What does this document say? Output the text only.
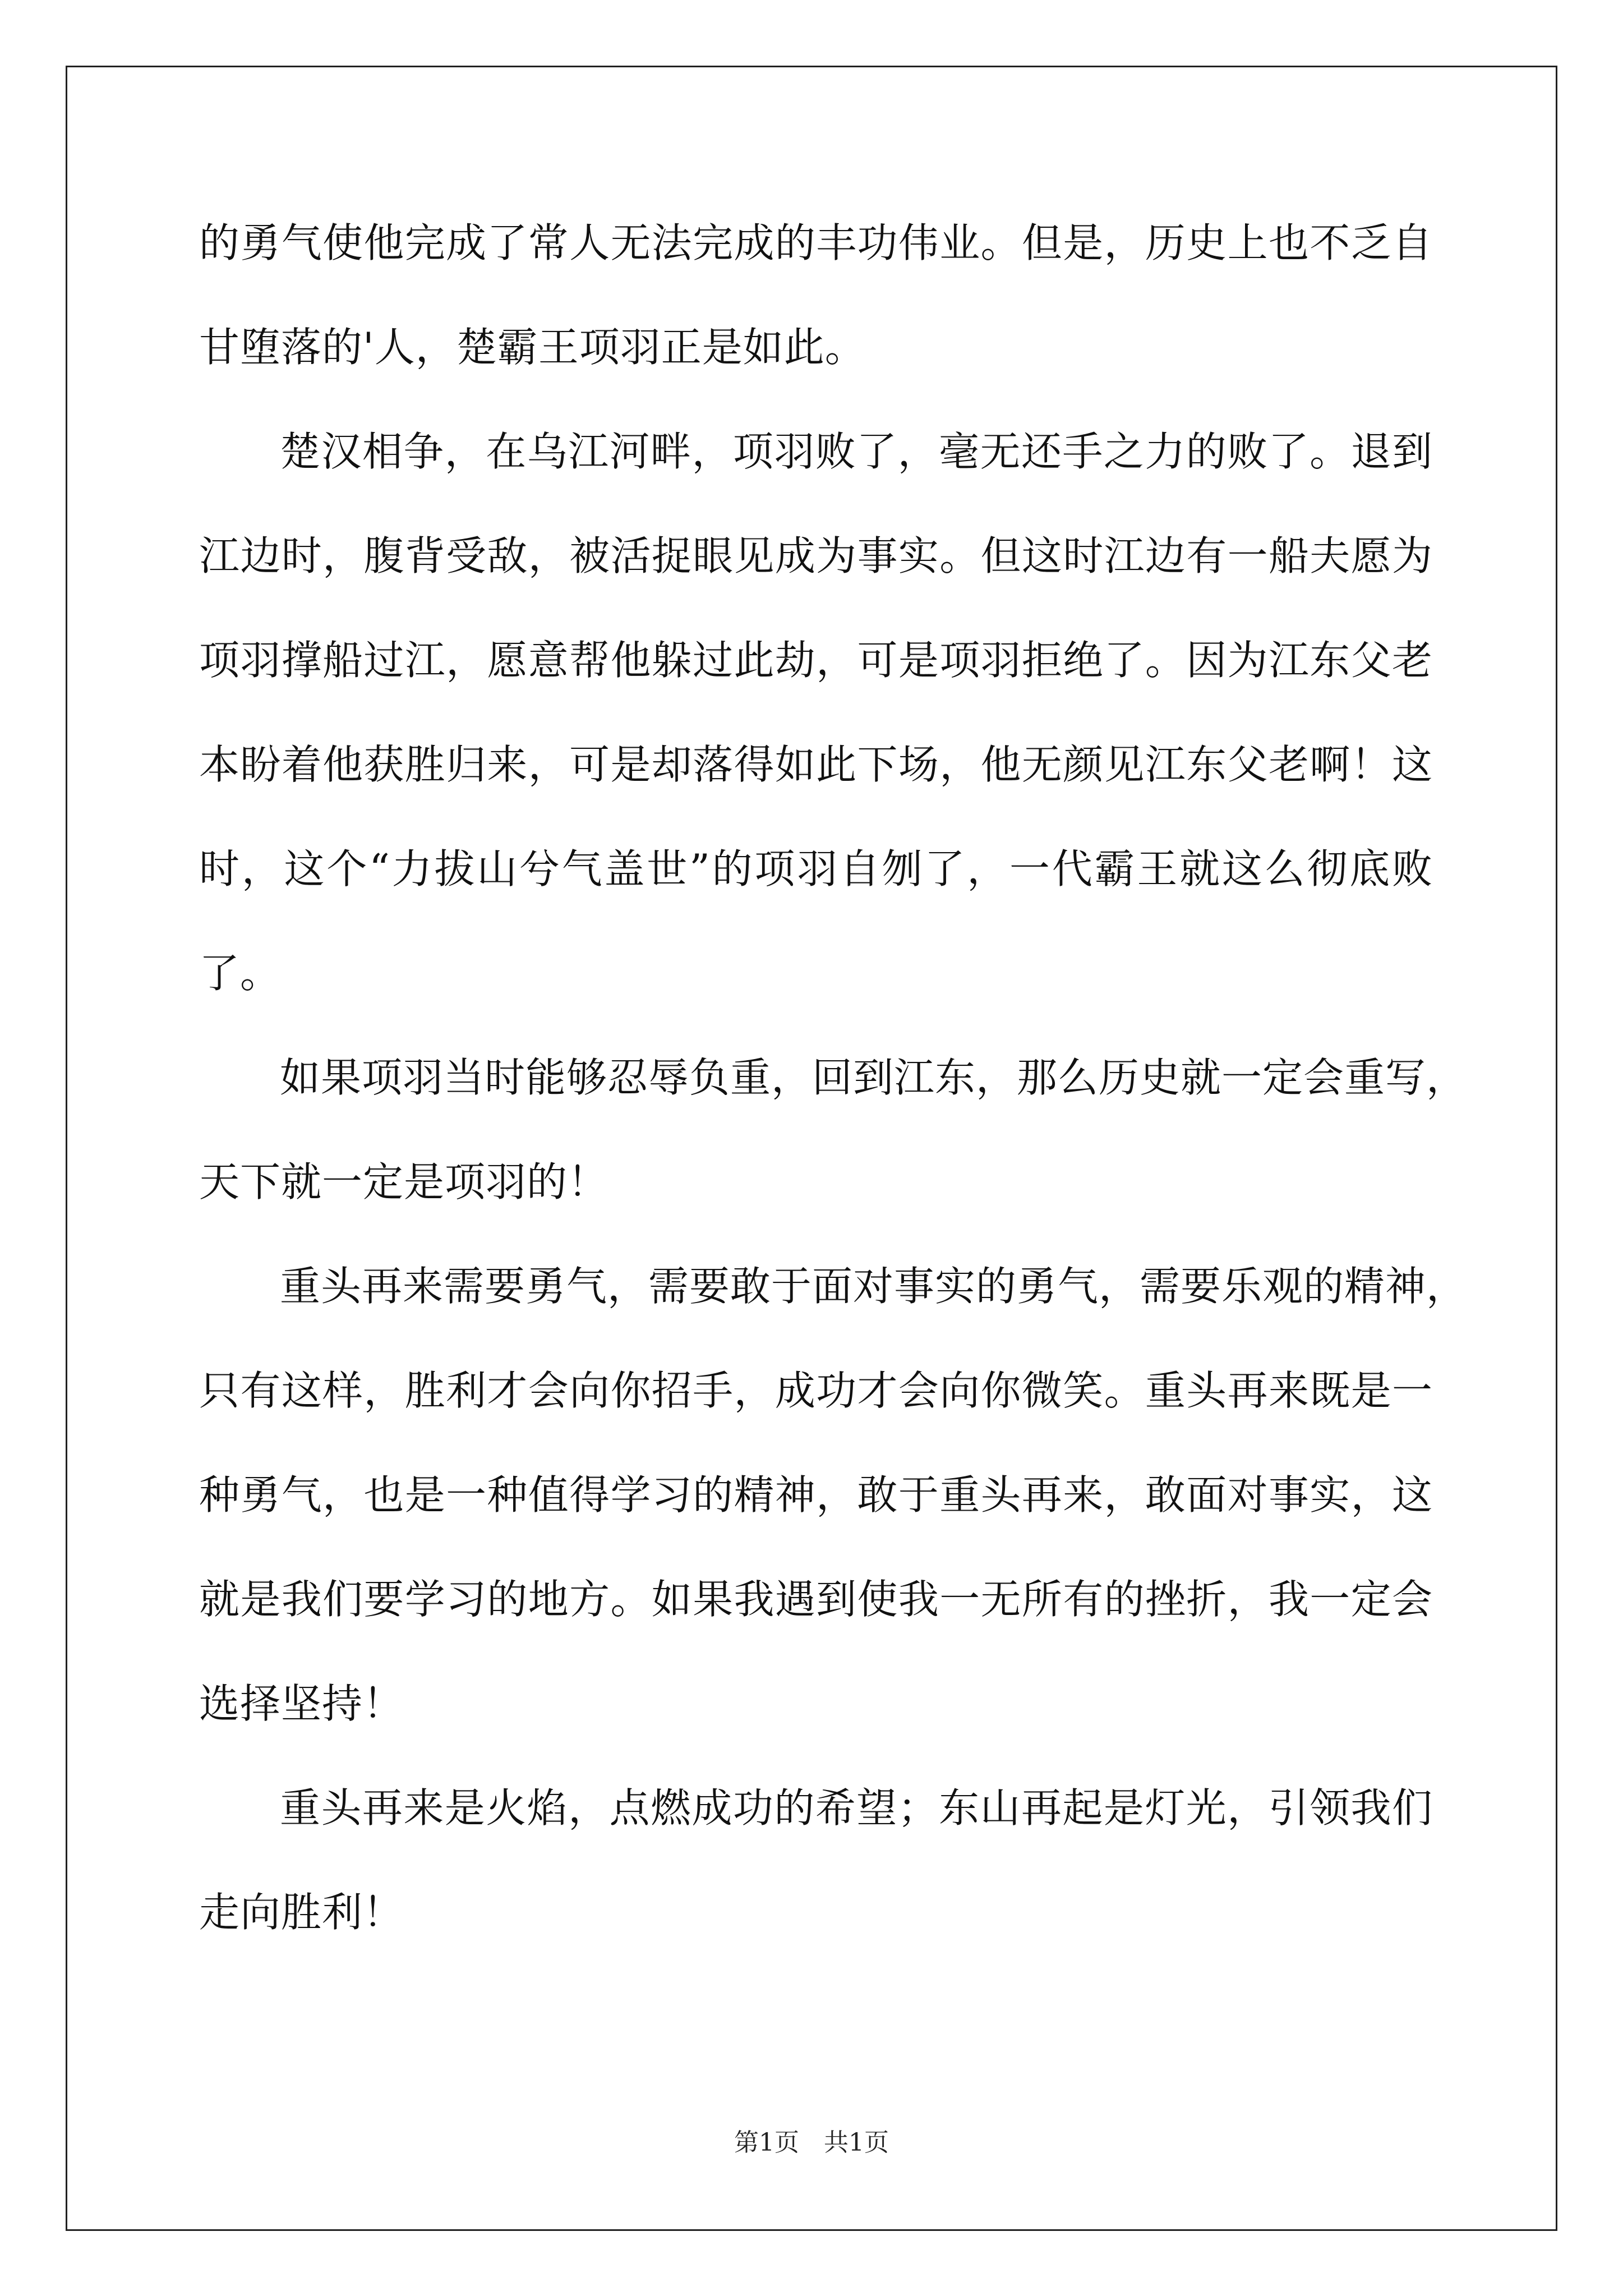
的勇气使他完成了常人无法完成的丰功伟业。但是，历史上也不乏自

甘堕落的'人，楚霸王项羽正是如此。

楚汉相争，在乌江河畔，项羽败了，毫无还手之力的败了。退到

江边时，腹背受敌，被活捉眼见成为事实。但这时江边有一船夫愿为

项羽撑船过江，愿意帮他躲过此劫，可是项羽拒绝了。因为江东父老

本盼着他获胜归来，可是却落得如此下场，他无颜见江东父老啊！这

时，这个“力拔山兮气盖世”的项羽自刎了，一代霸王就这么彻底败

了。

如果项羽当时能够忍辱负重，回到江东，那么历史就一定会重写，

天下就一定是项羽的！

重头再来需要勇气，需要敢于面对事实的勇气，需要乐观的精神，

只有这样，胜利才会向你招手，成功才会向你微笑。重头再来既是一

种勇气，也是一种值得学习的精神，敢于重头再来，敢面对事实，这

就是我们要学习的地方。如果我遇到使我一无所有的挫折，我一定会

选择坚持！

重头再来是火焰，点燃成功的希望；东山再起是灯光，引领我们

走向胜利！

第1页　共1页
